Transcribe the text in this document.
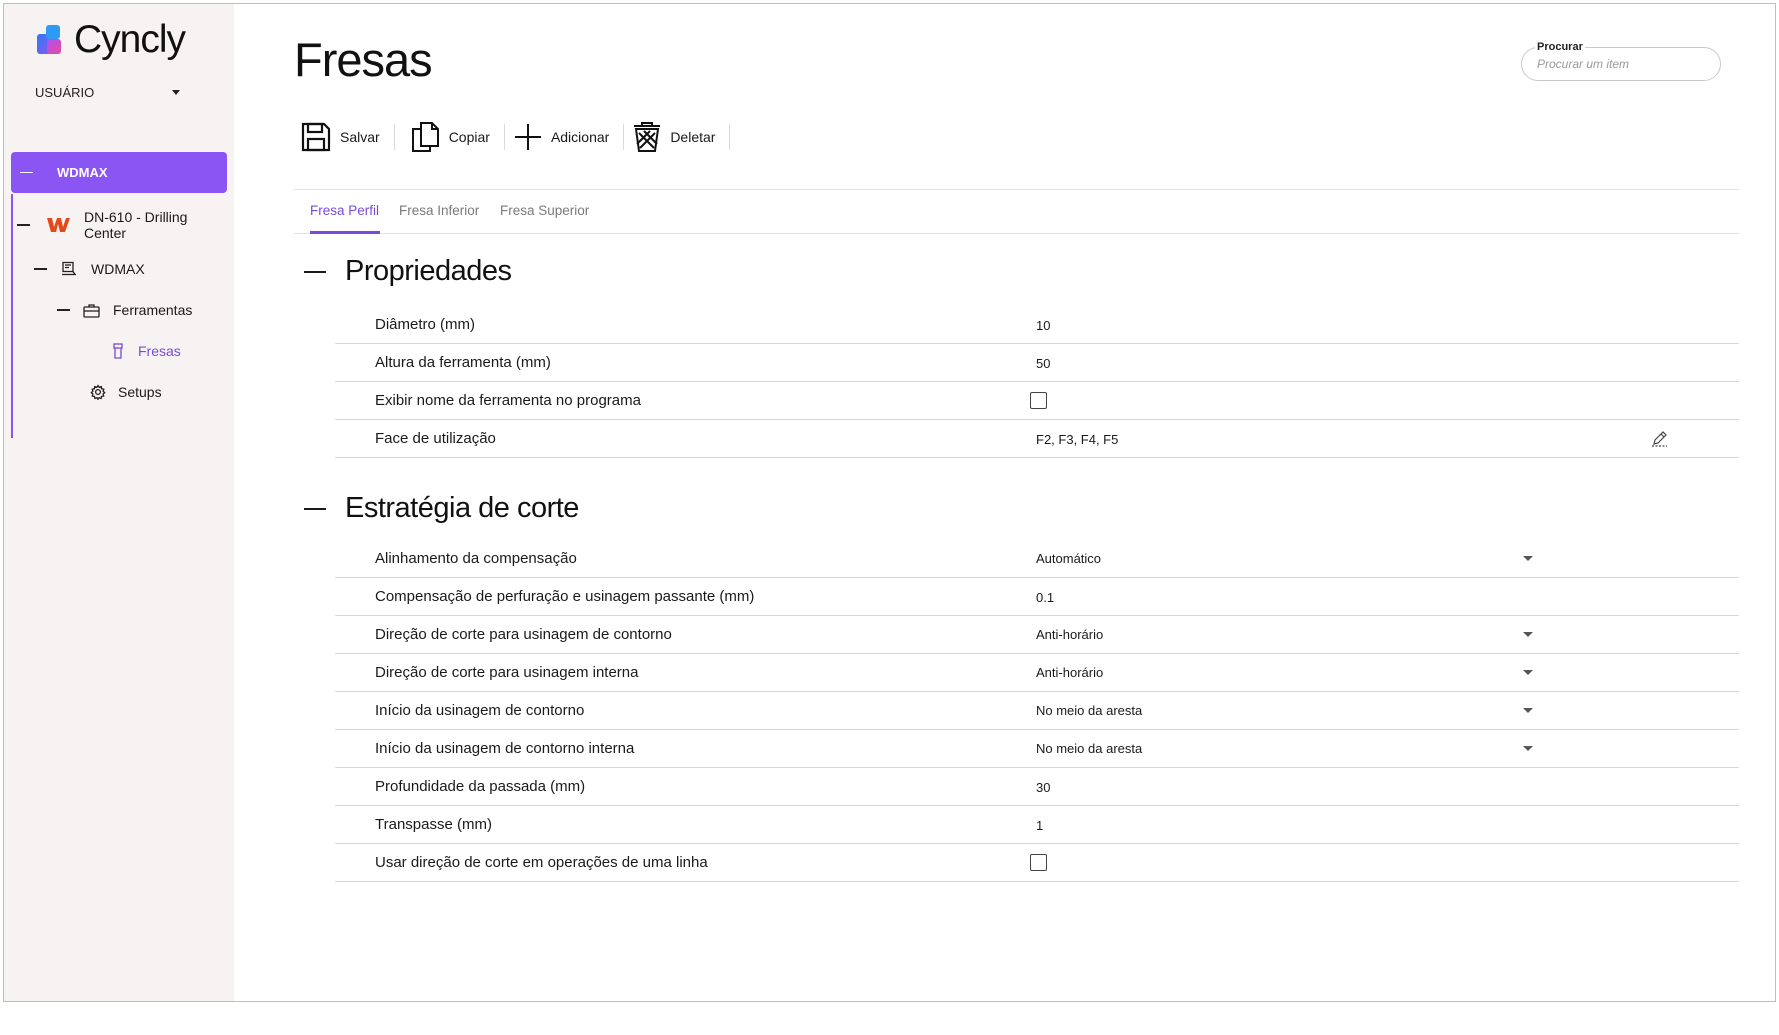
Cyncly
USUÁRIO
WDMAX
DN-610 - Drilling
Center
WDMAX
Ferramentas
Fresas
Setups
Fresas	Procurar
Procurar um item
Salvar	Copiar	Adicionar	Deletar
Fresa Perfil Fresa Inferior Fresa Superior
Propriedades
Diâmetro (mm)	10
Altura da ferramenta (mm)	50
Exibir nome da ferramenta no programa
Face de utilização	F2, F3, F4, F5
Estratégia de corte
Alinhamento da compensação	Automático
Compensação de perfuração e usinagem passante (mm)	0.1
Direção de corte para usinagem de contorno	Anti-horário
Direção de corte para usinagem interna	Anti-horário
Início da usinagem de contorno	No meio da aresta
Início da usinagem de contorno interna	No meio da aresta
Profundidade da passada (mm)	30
Transpasse (mm)	1
Usar direção de corte em operações de uma linha
